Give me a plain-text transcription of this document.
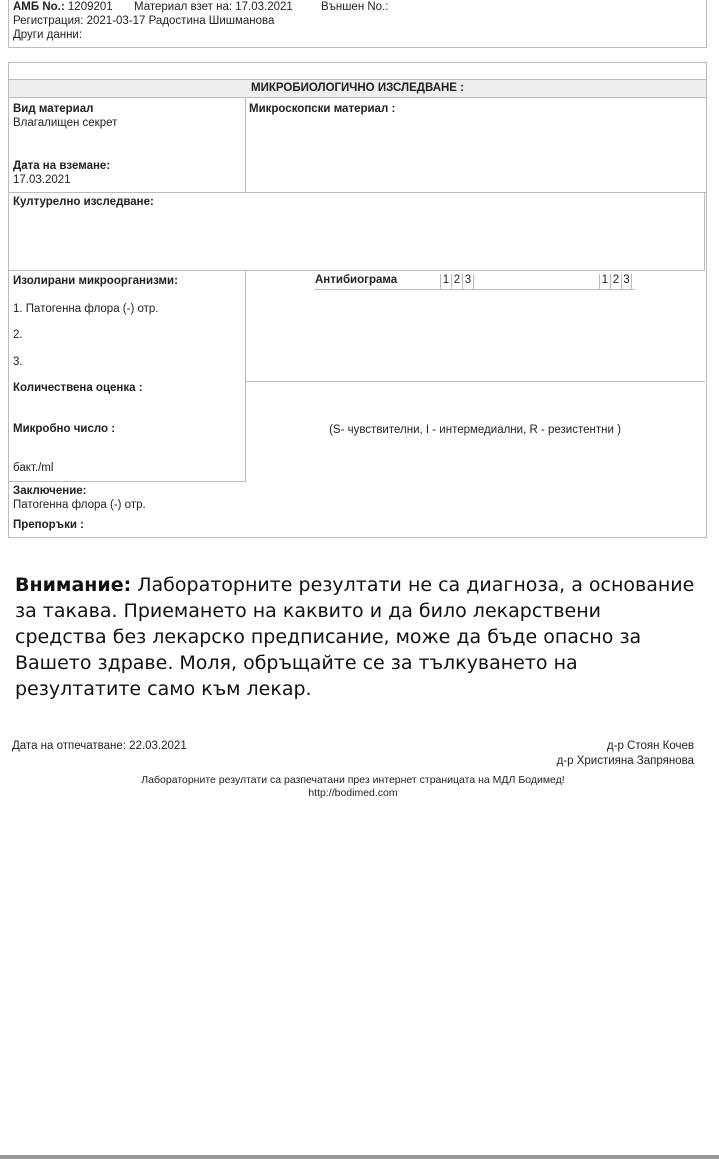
АМБ No.: 1209201 Материал взет на: 17.03.2021 Външен No.:
Регистрация: 2021-03-17 Радостина Шишманова
Други данни:
МИКРОБИОЛОГИЧНО ИЗСЛЕДВАНЕ :
Вид материал
Влагалищен секрет
Дата на вземане:
17.03.2021
Микроскопски материал :
Културелно изследване:
Изолирани микроорганизми:
1. Патогенна флора (-) отр.
2.
3.
Количествена оценка :
Микробно число :
бакт./ml
Антибиограма	1 2 3	1 2 3
(S- чувствителни, I - интермедиални, R - резистентни )
Заключение:
Патогенна флора (-) отр.
Препоръки :
Внимание: Лабораторните резултати не са диагноза, а основание за такава. Приемането на каквито и да било лекарствени средства без лекарско предписание, може да бъде опасно за Вашето здраве. Моля, обръщайте се за тълкуването на резултатите само към лекар.
Дата на отпечатване: 22.03.2021	д-р Стоян Кочев
д-р Християна Запрянова
Лабораторните резултати са разпечатани през интернет страницата на МДЛ Бодимед!
http://bodimed.com
